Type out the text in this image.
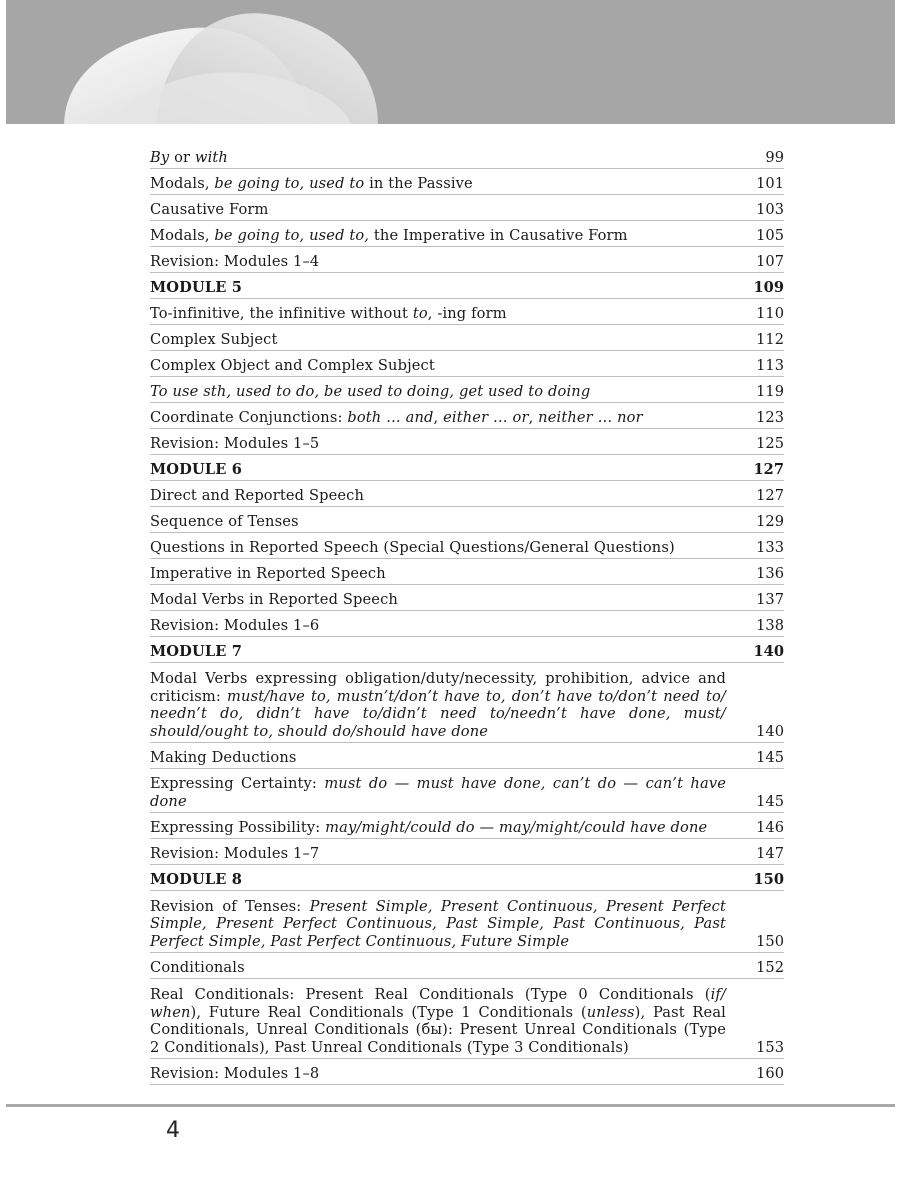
By or with	99
Modals, be going to, used to in the Passive	101
Causative Form	103
Modals, be going to, used to, the Imperative in Causative Form	105
Revision: Modules 1–4	107
MODULE 5	109
To-infinitive, the infinitive without to, -ing form	110
Complex Subject	112
Complex Object and Complex Subject	113
To use sth, used to do, be used to doing, get used to doing	119
Coordinate Conjunctions: both … and, either … or, neither … nor	123
Revision: Modules 1–5	125
MODULE 6	127
Direct and Reported Speech	127
Sequence of Tenses	129
Questions in Reported Speech (Special Questions/General Questions)	133
Imperative in Reported Speech	136
Modal Verbs in Reported Speech	137
Revision: Modules 1–6	138
MODULE 7	140
Modal Verbs expressing obligation/duty/necessity, prohibition, advice and criticism: must/have to, mustn’t/don’t have to, don’t have to/don’t need to/ needn’t do, didn’t have to/didn’t need to/needn’t have done, must/ should/ought to, should do/should have done	140
Making Deductions	145
Expressing Certainty: must do — must have done, can’t do — can’t have done	145
Expressing Possibility: may/might/could do — may/might/could have done	146
Revision: Modules 1–7	147
MODULE 8	150
Revision of Tenses: Present Simple, Present Continuous, Present Perfect Simple, Present Perfect Continuous, Past Simple, Past Continuous, Past Perfect Simple, Past Perfect Continuous, Future Simple	150
Conditionals	152
Real Conditionals: Present Real Conditionals (Type 0 Conditionals (if/ when), Future Real Conditionals (Type 1 Conditionals (unless), Past Real Conditionals, Unreal Conditionals (бы): Present Unreal Conditionals (Type 2 Conditionals), Past Unreal Conditionals (Type 3 Conditionals)	153
Revision: Modules 1–8	160
4
